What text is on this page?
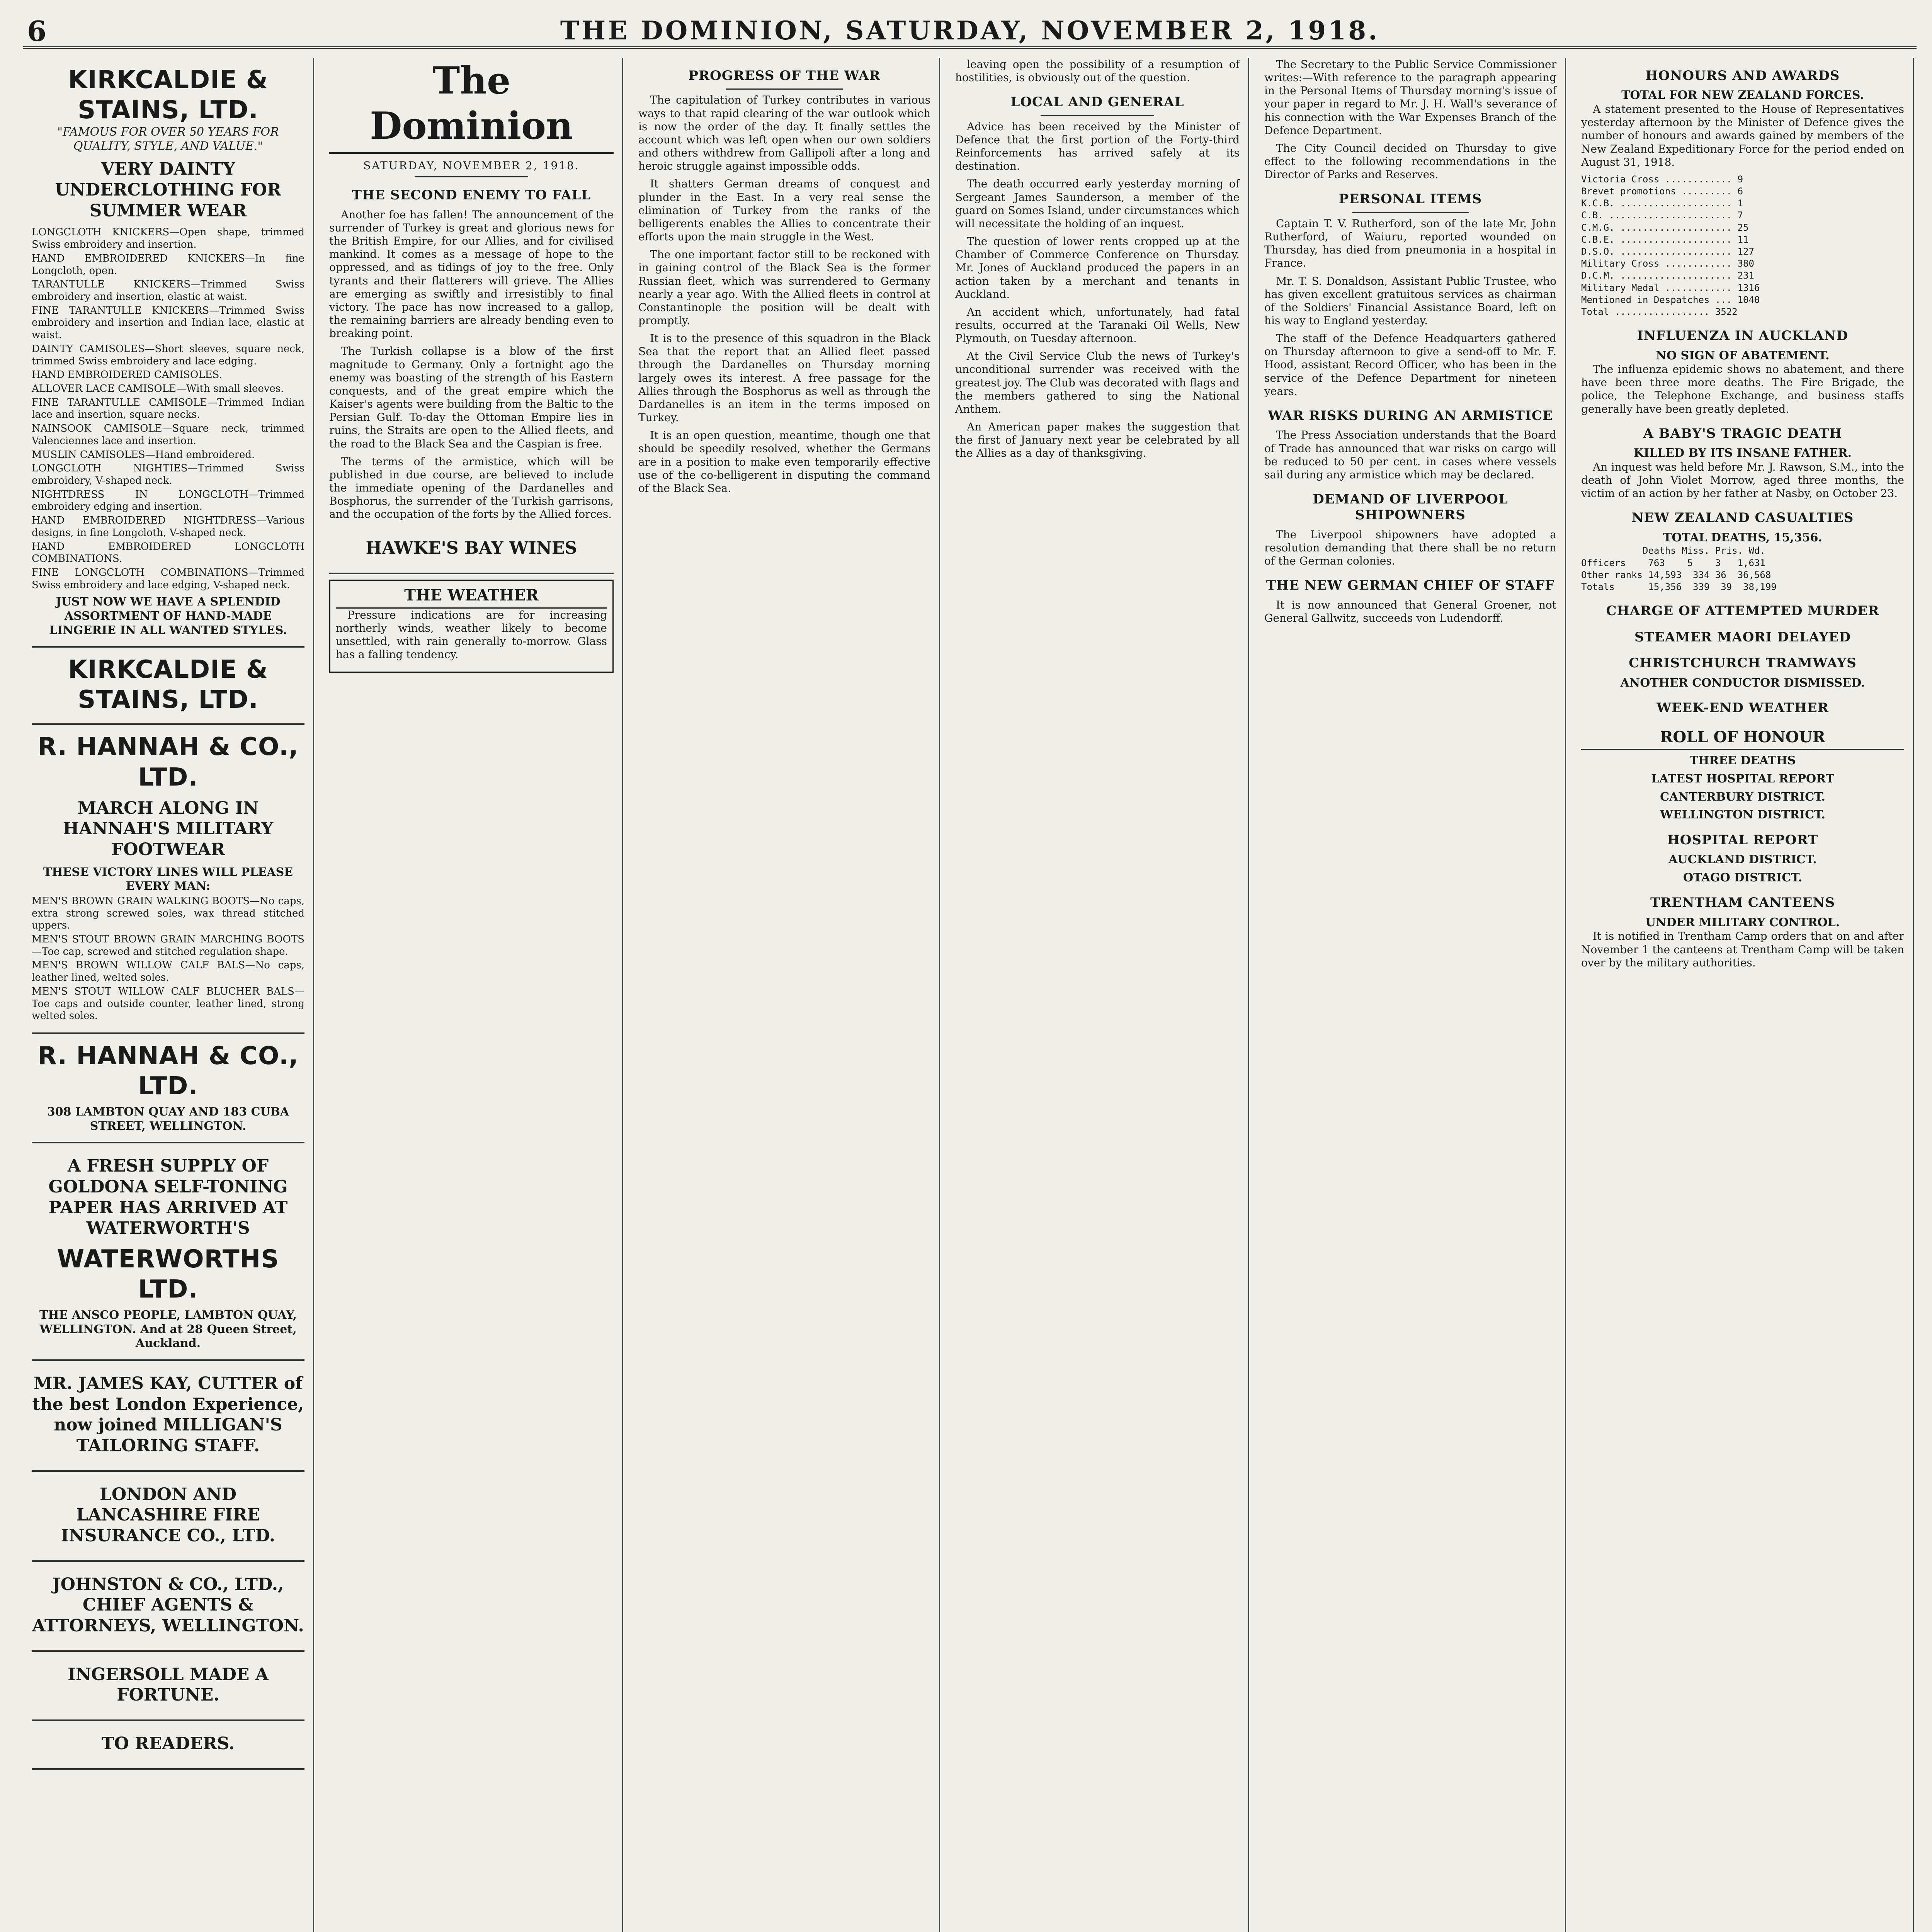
6	THE DOMINION, SATURDAY, NOVEMBER 2, 1918.
KIRKCALDIE & STAINS, LTD.
"FAMOUS FOR OVER 50 YEARS FOR QUALITY, STYLE, AND VALUE."
VERY DAINTY UNDERCLOTHING FOR SUMMER WEAR
LONGCLOTH KNICKERS—Open shape, trimmed Swiss embroidery and insertion.
HAND EMBROIDERED KNICKERS—In fine Longcloth, open.
TARANTULLE KNICKERS—Trimmed Swiss embroidery and insertion, elastic at waist.
FINE TARANTULLE KNICKERS—Trimmed Swiss embroidery and insertion and Indian lace, elastic at waist.
DAINTY CAMISOLES—Short sleeves, square neck, trimmed Swiss embroidery and lace edging.
HAND EMBROIDERED CAMISOLES.
ALLOVER LACE CAMISOLE—With small sleeves.
FINE TARANTULLE CAMISOLE—Trimmed Indian lace and insertion, square necks.
NAINSOOK CAMISOLE—Square neck, trimmed Valenciennes lace and insertion.
MUSLIN CAMISOLES—Hand embroidered.
LONGCLOTH NIGHTIES—Trimmed Swiss embroidery, V-shaped neck.
NIGHTDRESS IN LONGCLOTH—Trimmed embroidery edging and insertion.
HAND EMBROIDERED NIGHTDRESS—Various designs, in fine Longcloth, V-shaped neck.
HAND EMBROIDERED LONGCLOTH COMBINATIONS.
FINE LONGCLOTH COMBINATIONS—Trimmed Swiss embroidery and lace edging, V-shaped neck.
JUST NOW WE HAVE A SPLENDID ASSORTMENT OF HAND-MADE LINGERIE IN ALL WANTED STYLES.
KIRKCALDIE & STAINS, LTD.
R. HANNAH & CO., LTD.
MARCH ALONG IN HANNAH'S MILITARY FOOTWEAR
THESE VICTORY LINES WILL PLEASE EVERY MAN:
MEN'S BROWN GRAIN WALKING BOOTS—No caps, extra strong screwed soles, wax thread stitched uppers.
MEN'S STOUT BROWN GRAIN MARCHING BOOTS—Toe cap, screwed and stitched regulation shape.
MEN'S BROWN WILLOW CALF BALS—No caps, leather lined, welted soles.
MEN'S STOUT WILLOW CALF BLUCHER BALS—Toe caps and outside counter, leather lined, strong welted soles.
R. HANNAH & CO., LTD.
308 LAMBTON QUAY AND 183 CUBA STREET, WELLINGTON.
A FRESH SUPPLY OF GOLDONA SELF-TONING PAPER HAS ARRIVED AT WATERWORTH'S
WATERWORTHS LTD.
THE ANSCO PEOPLE, LAMBTON QUAY, WELLINGTON. And at 28 Queen Street, Auckland.
MR. JAMES KAY, CUTTER of the best London Experience, now joined MILLIGAN'S TAILORING STAFF.
LONDON AND LANCASHIRE FIRE INSURANCE CO., LTD.
JOHNSTON & CO., LTD., CHIEF AGENTS & ATTORNEYS, WELLINGTON.
INGERSOLL MADE A FORTUNE.
TO READERS.
The Dominion
SATURDAY, NOVEMBER 2, 1918.
THE SECOND ENEMY TO FALL

Another foe has fallen! The announcement of the surrender of Turkey is great and glorious news for the British Empire, for our Allies, and for civilised mankind. It comes as a message of hope to the oppressed, and as tidings of joy to the free. Only tyrants and their flatterers will grieve. The Allies are emerging as swiftly and irresistibly to final victory. The pace has now increased to a gallop, the remaining barriers are already bending even to breaking point.

The Turkish collapse is a blow of the first magnitude to Germany. Only a fortnight ago the enemy was boasting of the strength of his Eastern conquests, and of the great empire which the Kaiser's agents were building from the Baltic to the Persian Gulf. To-day the Ottoman Empire lies in ruins, the Straits are open to the Allied fleets, and the road to the Black Sea and the Caspian is free.

The terms of the armistice, which will be published in due course, are believed to include the immediate opening of the Dardanelles and Bosphorus, the surrender of the Turkish garrisons, and the occupation of the forts by the Allied forces.

HAWKE'S BAY WINES
THE WEATHER

Pressure indications are for increasing northerly winds, weather likely to become unsettled, with rain generally to-morrow. Glass has a falling tendency.

PROGRESS OF THE WAR

The capitulation of Turkey contributes in various ways to that rapid clearing of the war outlook which is now the order of the day. It finally settles the account which was left open when our own soldiers and others withdrew from Gallipoli after a long and heroic struggle against impossible odds.

It shatters German dreams of conquest and plunder in the East. In a very real sense the elimination of Turkey from the ranks of the belligerents enables the Allies to concentrate their efforts upon the main struggle in the West.

The one important factor still to be reckoned with in gaining control of the Black Sea is the former Russian fleet, which was surrendered to Germany nearly a year ago. With the Allied fleets in control at Constantinople the position will be dealt with promptly.

It is to the presence of this squadron in the Black Sea that the report that an Allied fleet passed through the Dardanelles on Thursday morning largely owes its interest. A free passage for the Allies through the Bosphorus as well as through the Dardanelles is an item in the terms imposed on Turkey.

It is an open question, meantime, though one that should be speedily resolved, whether the Germans are in a position to make even temporarily effective use of the co-belligerent in disputing the command of the Black Sea.

leaving open the possibility of a resumption of hostilities, is obviously out of the question.

LOCAL AND GENERAL

Advice has been received by the Minister of Defence that the first portion of the Forty-third Reinforcements has arrived safely at its destination.

The death occurred early yesterday morning of Sergeant James Saunderson, a member of the guard on Somes Island, under circumstances which will necessitate the holding of an inquest.

The question of lower rents cropped up at the Chamber of Commerce Conference on Thursday. Mr. Jones of Auckland produced the papers in an action taken by a merchant and tenants in Auckland.

An accident which, unfortunately, had fatal results, occurred at the Taranaki Oil Wells, New Plymouth, on Tuesday afternoon.

At the Civil Service Club the news of Turkey's unconditional surrender was received with the greatest joy. The Club was decorated with flags and the members gathered to sing the National Anthem.

An American paper makes the suggestion that the first of January next year be celebrated by all the Allies as a day of thanksgiving.

The Secretary to the Public Service Commissioner writes:—With reference to the paragraph appearing in the Personal Items of Thursday morning's issue of your paper in regard to Mr. J. H. Wall's severance of his connection with the War Expenses Branch of the Defence Department.

The City Council decided on Thursday to give effect to the following recommendations in the Director of Parks and Reserves.

PERSONAL ITEMS

Captain T. V. Rutherford, son of the late Mr. John Rutherford, of Waiuru, reported wounded on Thursday, has died from pneumonia in a hospital in France.

Mr. T. S. Donaldson, Assistant Public Trustee, who has given excellent gratuitous services as chairman of the Soldiers' Financial Assistance Board, left on his way to England yesterday.

The staff of the Defence Headquarters gathered on Thursday afternoon to give a send-off to Mr. F. Hood, assistant Record Officer, who has been in the service of the Defence Department for nineteen years.

WAR RISKS DURING AN ARMISTICE

The Press Association understands that the Board of Trade has announced that war risks on cargo will be reduced to 50 per cent. in cases where vessels sail during any armistice which may be declared.

DEMAND OF LIVERPOOL SHIPOWNERS

The Liverpool shipowners have adopted a resolution demanding that there shall be no return of the German colonies.

THE NEW GERMAN CHIEF OF STAFF

It is now announced that General Groener, not General Gallwitz, succeeds von Ludendorff.

HONOURS AND AWARDS
TOTAL FOR NEW ZEALAND FORCES.

A statement presented to the House of Representatives yesterday afternoon by the Minister of Defence gives the number of honours and awards gained by members of the New Zealand Expeditionary Force for the period ended on August 31, 1918.

Victoria Cross ............ 9
Brevet promotions ......... 6
K.C.B. .................... 1
C.B. ...................... 7
C.M.G. .................... 25
C.B.E. .................... 11
D.S.O. .................... 127
Military Cross ............ 380
D.C.M. .................... 231
Military Medal ............ 1316
Mentioned in Despatches ... 1040
Total ................. 3522
INFLUENZA IN AUCKLAND
NO SIGN OF ABATEMENT.

The influenza epidemic shows no abatement, and there have been three more deaths. The Fire Brigade, the police, the Telephone Exchange, and business staffs generally have been greatly depleted.

A BABY'S TRAGIC DEATH
KILLED BY ITS INSANE FATHER.

An inquest was held before Mr. J. Rawson, S.M., into the death of John Violet Morrow, aged three months, the victim of an action by her father at Nasby, on October 23.

NEW ZEALAND CASUALTIES
TOTAL DEATHS, 15,356.
Deaths Miss. Pris. Wd.
Officers    763    5    3   1,631
Other ranks 14,593  334 36  36,568
Totals      15,356  339  39  38,199
CHARGE OF ATTEMPTED MURDER
STEAMER MAORI DELAYED
CHRISTCHURCH TRAMWAYS
ANOTHER CONDUCTOR DISMISSED.
WEEK-END WEATHER
ROLL OF HONOUR
THREE DEATHS
LATEST HOSPITAL REPORT
CANTERBURY DISTRICT.
WELLINGTON DISTRICT.
HOSPITAL REPORT
AUCKLAND DISTRICT.
OTAGO DISTRICT.
TRENTHAM CANTEENS
UNDER MILITARY CONTROL.

It is notified in Trentham Camp orders that on and after November 1 the canteens at Trentham Camp will be taken over by the military authorities.
